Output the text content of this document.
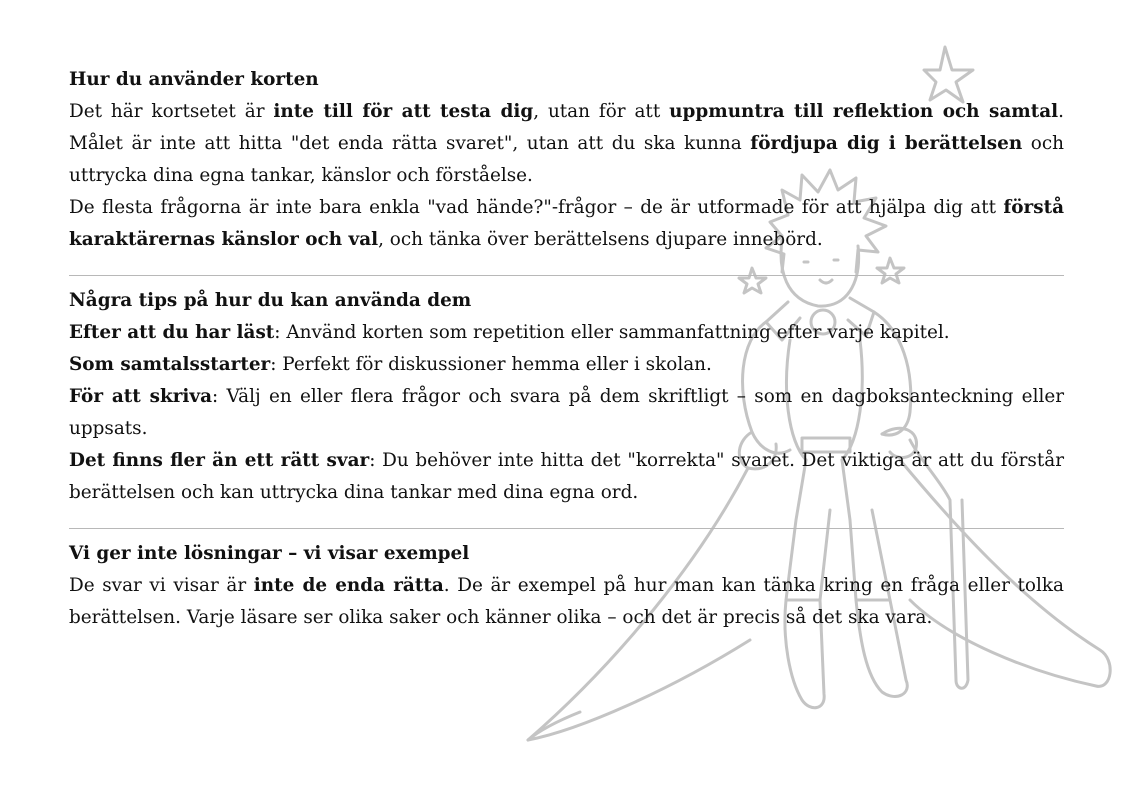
Hur du använder korten

Det här kortsetet är inte till för att testa dig, utan för att uppmuntra till reflektion och samtal. Målet är inte att hitta "det enda rätta svaret", utan att du ska kunna fördjupa dig i berättelsen och uttrycka dina egna tankar, känslor och förståelse.

De flesta frågorna är inte bara enkla "vad hände?"-frågor – de är utformade för att hjälpa dig att förstå karaktärernas känslor och val, och tänka över berättelsens djupare innebörd.

Några tips på hur du kan använda dem

Efter att du har läst: Använd korten som repetition eller sammanfattning efter varje kapitel.

Som samtalsstarter: Perfekt för diskussioner hemma eller i skolan.

För att skriva: Välj en eller flera frågor och svara på dem skriftligt – som en dagboksanteckning eller uppsats.

Det finns fler än ett rätt svar: Du behöver inte hitta det "korrekta" svaret. Det viktiga är att du förstår berättelsen och kan uttrycka dina tankar med dina egna ord.

Vi ger inte lösningar – vi visar exempel

De svar vi visar är inte de enda rätta. De är exempel på hur man kan tänka kring en fråga eller tolka berättelsen. Varje läsare ser olika saker och känner olika – och det är precis så det ska vara.
